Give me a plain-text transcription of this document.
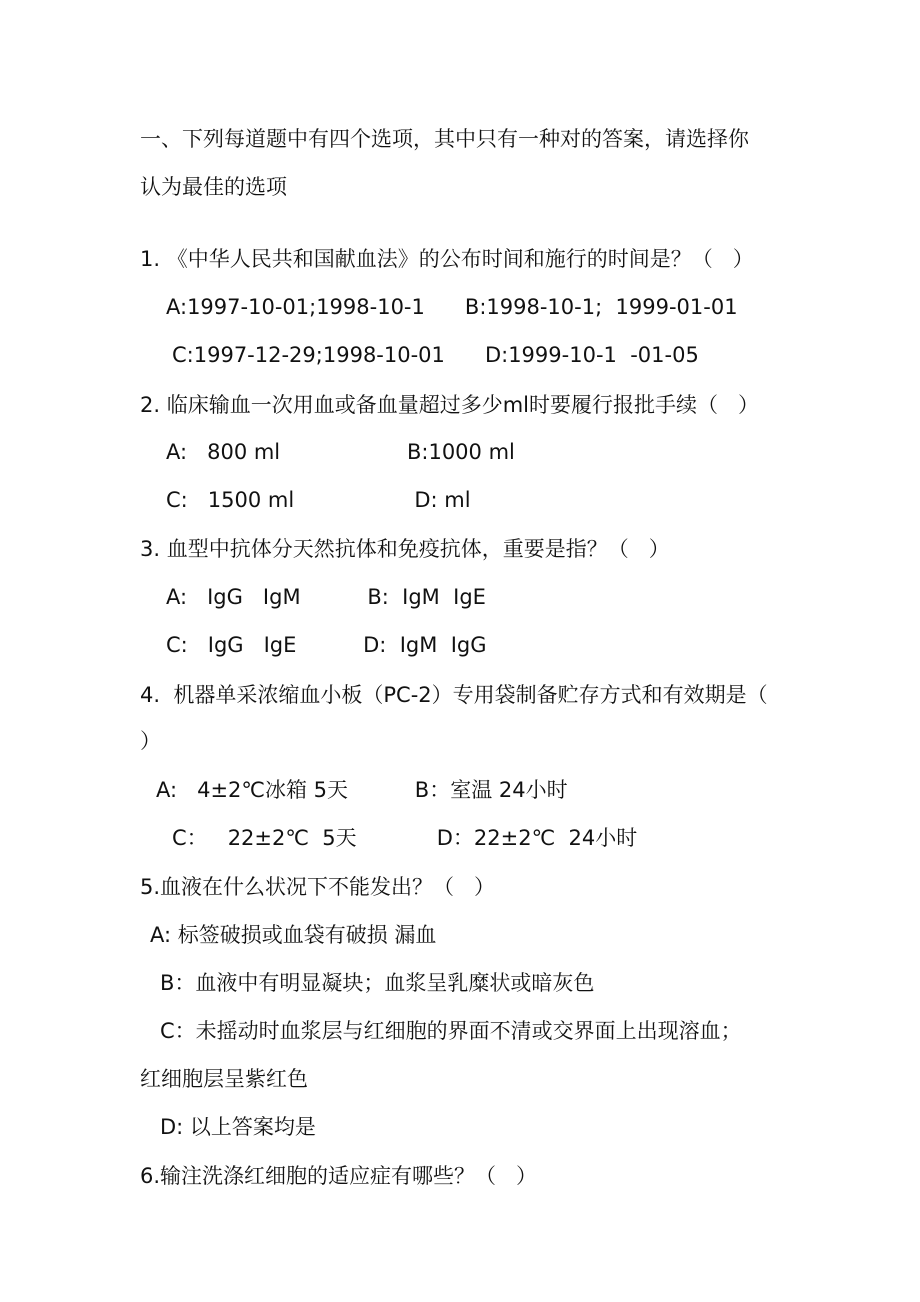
一、下列每道题中有四个选项，其中只有一种对的答案，请选择你
认为最佳的选项
1. 《中华人民共和国献血法》的公布时间和施行的时间是？（   ）
A:1997-10-01;1998-10-1      B:1998-10-1;  1999-01-01
C:1997-12-29;1998-10-01      D:1999-10-1  -01-05
2. 临床输血一次用血或备血量超过多少ml时要履行报批手续（   ）
A:   800 ml                   B:1000 ml
C:   1500 ml                  D: ml
3. 血型中抗体分天然抗体和免疫抗体，重要是指？（   ）
A:   IgG   IgM          B:  IgM  IgE
C:   IgG   IgE          D:  IgM  IgG
4.  机器单采浓缩血小板（PC-2）专用袋制备贮存方式和有效期是（
）
A:   4±2℃冰箱 5天          B：室温 24小时
C：   22±2℃  5天            D：22±2℃  24小时
5.血液在什么状况下不能发出？（   ）
A: 标签破损或血袋有破损 漏血
B：血液中有明显凝块；血浆呈乳糜状或暗灰色
C：未摇动时血浆层与红细胞的界面不清或交界面上出现溶血；
红细胞层呈紫红色
D: 以上答案均是
6.输注洗涤红细胞的适应症有哪些？（   ）
